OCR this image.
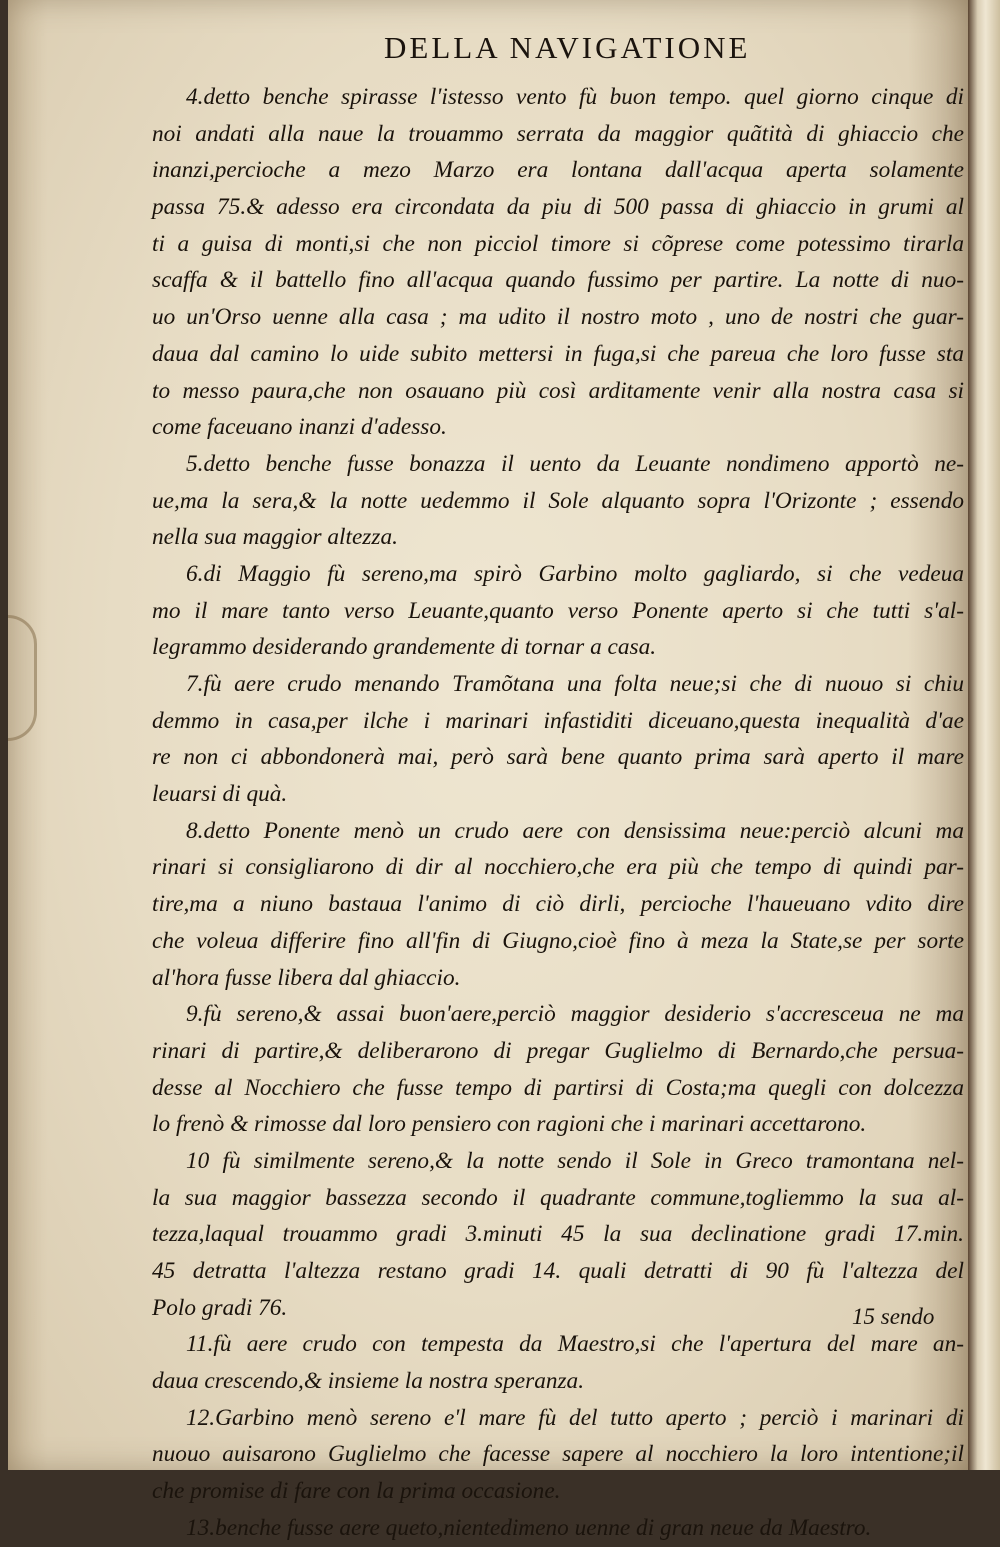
DELLA NAVIGATIONE
4.detto benche spirasse l'istesso vento fù buon tempo. quel giorno cinque di
noi andati alla naue la trouammo serrata da maggior quãtità di ghiaccio che
inanzi,percioche a mezo Marzo era lontana dall'acqua aperta solamente
passa 75.& adesso era circondata da piu di 500 passa di ghiaccio in grumi al
ti a guisa di monti,si che non picciol timore si cõprese come potessimo tirarla
scaffa & il battello fino all'acqua quando fussimo per partire. La notte di nuo-
uo un'Orso uenne alla casa ; ma udito il nostro moto , uno de nostri che guar-
daua dal camino lo uide subito mettersi in fuga,si che pareua che loro fusse sta
to messo paura,che non osauano più così arditamente venir alla nostra casa si
come faceuano inanzi d'adesso.
5.detto benche fusse bonazza il uento da Leuante nondimeno apportò ne-
ue,ma la sera,& la notte uedemmo il Sole alquanto sopra l'Orizonte ; essendo
nella sua maggior altezza.
6.di Maggio fù sereno,ma spirò Garbino molto gagliardo, si che vedeua
mo il mare tanto verso Leuante,quanto verso Ponente aperto si che tutti s'al-
legrammo desiderando grandemente di tornar a casa.
7.fù aere crudo menando Tramõtana una folta neue;si che di nuouo si chiu
demmo in casa,per ilche i marinari infastiditi diceuano,questa inequalità d'ae
re non ci abbondonerà mai, però sarà bene quanto prima sarà aperto il mare
leuarsi di quà.
8.detto Ponente menò un crudo aere con densissima neue:perciò alcuni ma
rinari si consigliarono di dir al nocchiero,che era più che tempo di quindi par-
tire,ma a niuno bastaua l'animo di ciò dirli, percioche l'haueuano vdito dire
che voleua differire fino all'fin di Giugno,cioè fino à meza la State,se per sorte
al'hora fusse libera dal ghiaccio.
9.fù sereno,& assai buon'aere,perciò maggior desiderio s'accresceua ne ma
rinari di partire,& deliberarono di pregar Guglielmo di Bernardo,che persua-
desse al Nocchiero che fusse tempo di partirsi di Costa;ma quegli con dolcezza
lo frenò & rimosse dal loro pensiero con ragioni che i marinari accettarono.
10 fù similmente sereno,& la notte sendo il Sole in Greco tramontana nel-
la sua maggior bassezza secondo il quadrante commune,togliemmo la sua al-
tezza,laqual trouammo gradi 3.minuti 45 la sua declinatione gradi 17.min.
45 detratta l'altezza restano gradi 14. quali detratti di 90 fù l'altezza del
Polo gradi 76.
11.fù aere crudo con tempesta da Maestro,si che l'apertura del mare an-
daua crescendo,& insieme la nostra speranza.
12.Garbino menò sereno e'l mare fù del tutto aperto ; perciò i marinari di
nuouo auisarono Guglielmo che facesse sapere al nocchiero la loro intentione;il
che promise di fare con la prima occasione.
13.benche fusse aere queto,nientedimeno uenne di gran neue da Maestro.
15 sendo
